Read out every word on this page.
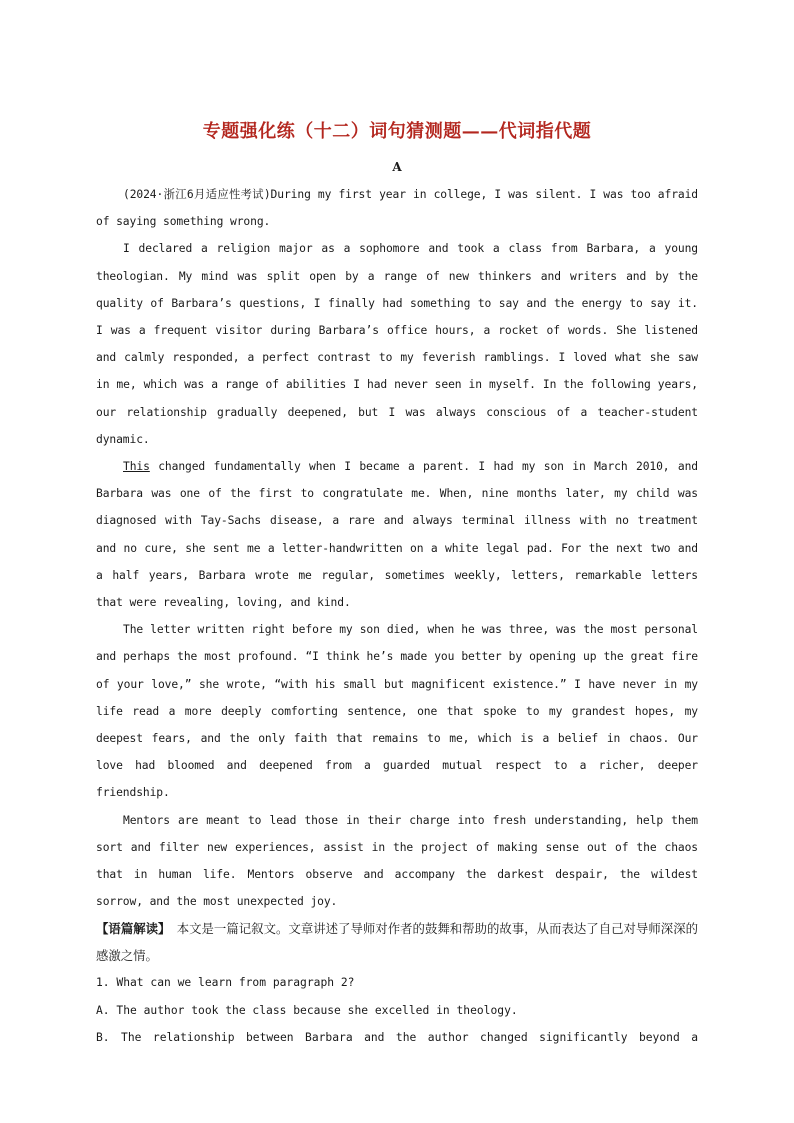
专题强化练（十二）词句猜测题——代词指代题
A

(2024·浙江6月适应性考试)During my first year in college, I was silent. I was too afraid of saying something wrong.

I declared a religion major as a sophomore and took a class from Barbara, a young theologian. My mind was split open by a range of new thinkers and writers and by the quality of Barbara’s questions, I finally had something to say and the energy to say it. I was a frequent visitor during Barbara’s office hours, a rocket of words. She listened and calmly responded, a perfect contrast to my feverish ramblings. I loved what she saw in me, which was a range of abilities I had never seen in myself. In the following years, our relationship gradually deepened, but I was always conscious of a teacher-student dynamic.

This changed fundamentally when I became a parent. I had my son in March 2010, and Barbara was one of the first to congratulate me. When, nine months later, my child was diagnosed with Tay-Sachs disease, a rare and always terminal illness with no treatment and no cure, she sent me a letter-handwritten on a white legal pad. For the next two and a half years, Barbara wrote me regular, sometimes weekly, letters, remarkable letters that were revealing, loving, and kind.

The letter written right before my son died, when he was three, was the most personal and perhaps the most profound. “I think he’s made you better by opening up the great fire of your love,” she wrote, “with his small but magnificent existence.” I have never in my life read a more deeply comforting sentence, one that spoke to my grandest hopes, my deepest fears, and the only faith that remains to me, which is a belief in chaos. Our love had bloomed and deepened from a guarded mutual respect to a richer, deeper friendship.

Mentors are meant to lead those in their charge into fresh understanding, help them sort and filter new experiences, assist in the project of making sense out of the chaos that in human life. Mentors observe and accompany the darkest despair, the wildest sorrow, and the most unexpected joy.

【语篇解读】　本文是一篇记叙文。文章讲述了导师对作者的鼓舞和帮助的故事，从而表达了自己对导师深深的感激之情。

1. What can we learn from paragraph 2?

A. The author took the class because she excelled in theology.

B. The relationship between Barbara and the author changed significantly beyond a
